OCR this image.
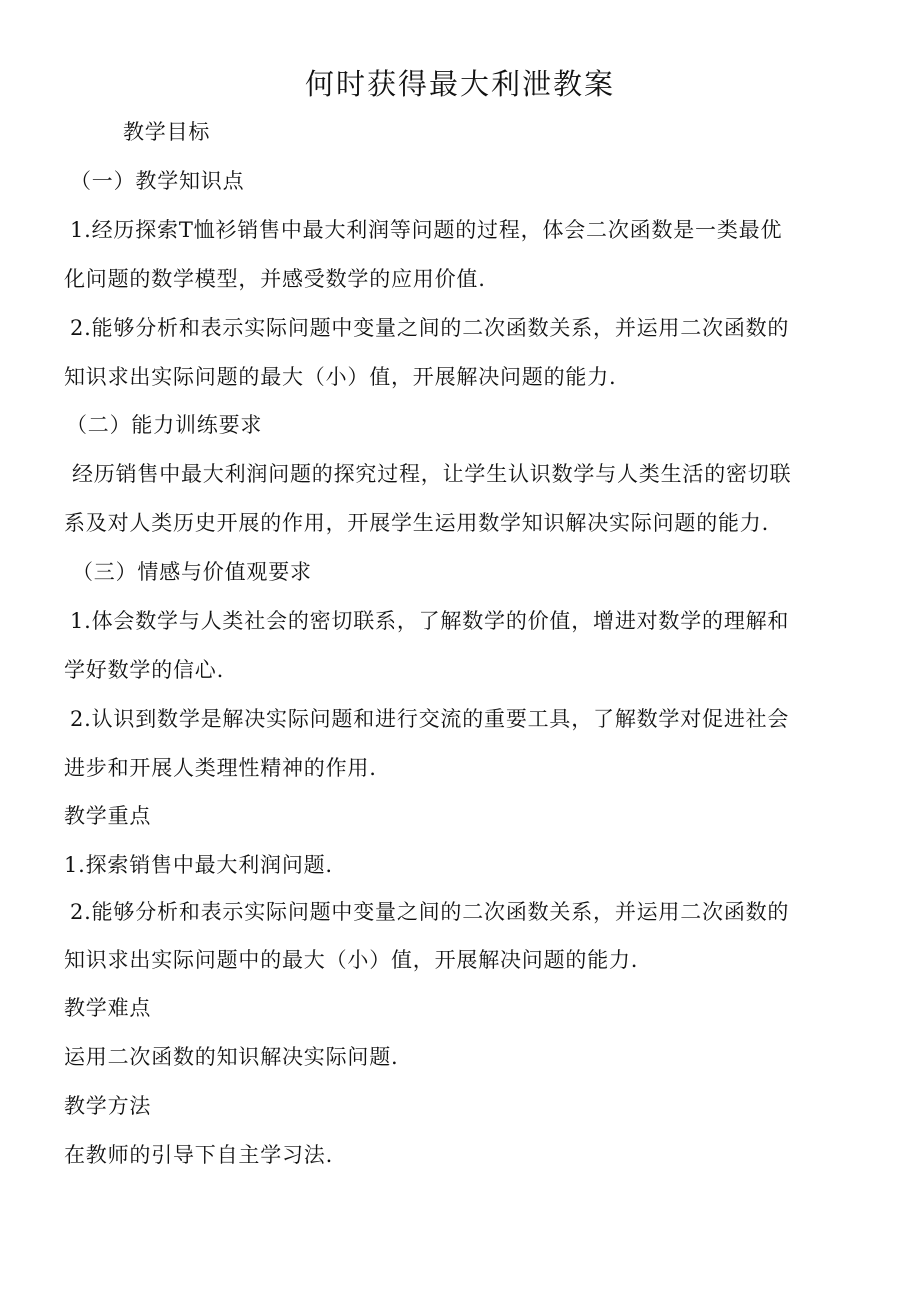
何时获得最大利泄教案
教学目标
（一）教学知识点
1.经历探索T恤衫销售中最大利润等问题的过程，体会二次函数是一类最优
化问题的数学模型，并感受数学的应用价值.
2.能够分析和表示实际问题中变量之间的二次函数关系，并运用二次函数的
知识求出实际问题的最大（小）值，开展解决问题的能力.
（二）能力训练要求
经历销售中最大利润问题的探究过程，让学生认识数学与人类生活的密切联
系及对人类历史开展的作用，开展学生运用数学知识解决实际问题的能力.
（三）情感与价值观要求
1.体会数学与人类社会的密切联系，了解数学的价值，增进对数学的理解和
学好数学的信心.
2.认识到数学是解决实际问题和进行交流的重要工具，了解数学对促进社会
进步和开展人类理性精神的作用.
教学重点
1.探索销售中最大利润问题.
2.能够分析和表示实际问题中变量之间的二次函数关系，并运用二次函数的
知识求出实际问题中的最大（小）值，开展解决问题的能力.
教学难点
运用二次函数的知识解决实际问题.
教学方法
在教师的引导下自主学习法.
